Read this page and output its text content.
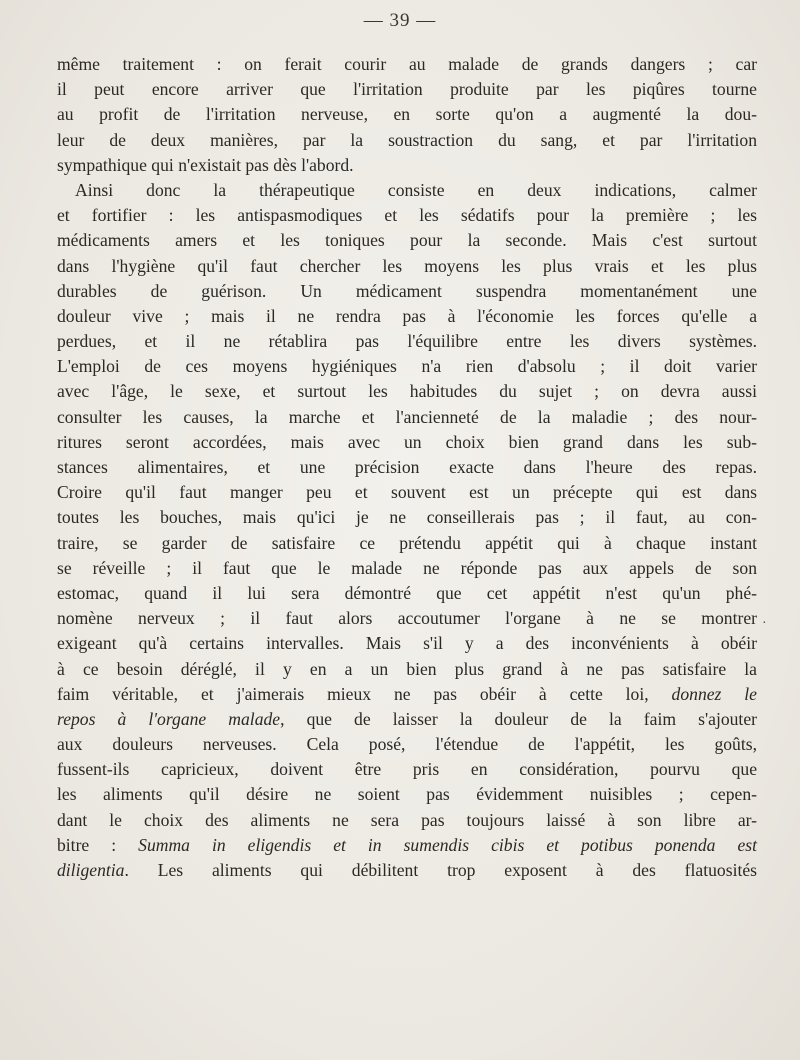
— 39 —
même traitement : on ferait courir au malade de grands dangers ; car
il peut encore arriver que l'irritation produite par les piqûres tourne
au profit de l'irritation nerveuse, en sorte qu'on a augmenté la dou-
leur de deux manières, par la soustraction du sang, et par l'irritation
sympathique qui n'existait pas dès l'abord.
Ainsi donc la thérapeutique consiste en deux indications, calmer
et fortifier : les antispasmodiques et les sédatifs pour la première ; les
médicaments amers et les toniques pour la seconde. Mais c'est surtout
dans l'hygiène qu'il faut chercher les moyens les plus vrais et les plus
durables de guérison. Un médicament suspendra momentanément une
douleur vive ; mais il ne rendra pas à l'économie les forces qu'elle a
perdues, et il ne rétablira pas l'équilibre entre les divers systèmes.
L'emploi de ces moyens hygiéniques n'a rien d'absolu ; il doit varier
avec l'âge, le sexe, et surtout les habitudes du sujet ; on devra aussi
consulter les causes, la marche et l'ancienneté de la maladie ; des nour-
ritures seront accordées, mais avec un choix bien grand dans les sub-
stances alimentaires, et une précision exacte dans l'heure des repas.
Croire qu'il faut manger peu et souvent est un précepte qui est dans
toutes les bouches, mais qu'ici je ne conseillerais pas ; il faut, au con-
traire, se garder de satisfaire ce prétendu appétit qui à chaque instant
se réveille ; il faut que le malade ne réponde pas aux appels de son
estomac, quand il lui sera démontré que cet appétit n'est qu'un phé-
nomène nerveux ; il faut alors accoutumer l'organe à ne se montrer
exigeant qu'à certains intervalles. Mais s'il y a des inconvénients à obéir
à ce besoin déréglé, il y en a un bien plus grand à ne pas satisfaire la
faim véritable, et j'aimerais mieux ne pas obéir à cette loi, donnez le
repos à l'organe malade, que de laisser la douleur de la faim s'ajouter
aux douleurs nerveuses. Cela posé, l'étendue de l'appétit, les goûts,
fussent-ils capricieux, doivent être pris en considération, pourvu que
les aliments qu'il désire ne soient pas évidemment nuisibles ; cepen-
dant le choix des aliments ne sera pas toujours laissé à son libre ar-
bitre : Summa in eligendis et in sumendis cibis et potibus ponenda est
diligentia. Les aliments qui débilitent trop exposent à des flatuosités
·
